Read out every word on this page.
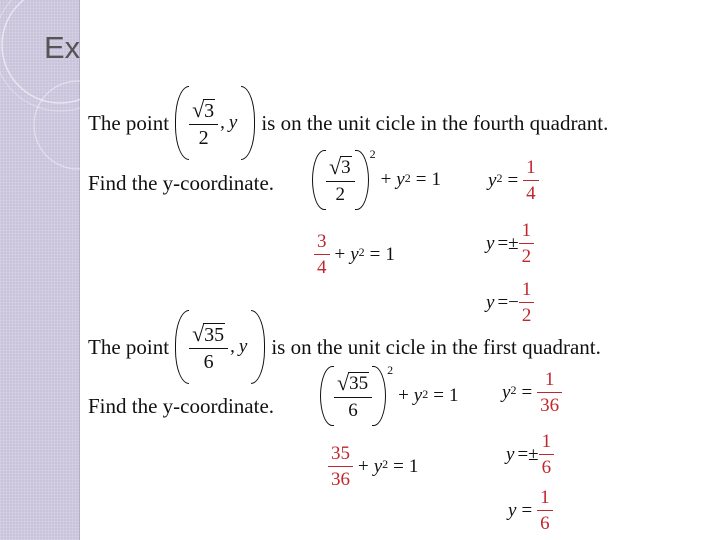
Ex
The point
√ 3
2
, y is on the unit cicle in the fourth quadrant.
Find the y-coordinate.
√ 3
2
$^2$
+ $y^2 = 1$
$\frac{3}{4} + y^2 = 1$
$y^2 = \frac{1}{4}$
y = ± $\frac{1}{2}$
y = − $\frac{1}{2}$
The point
√ 35
6
, y is on the unit cicle in the first quadrant.
Find the y-coordinate.
√ 35
6
$^2$
+ $y^2 = 1$
$\frac{35}{36} + y^2 = 1$
$y^2 = \frac{1}{36}$
y = ± $\frac{1}{6}$
$y = \frac{1}{6}$
